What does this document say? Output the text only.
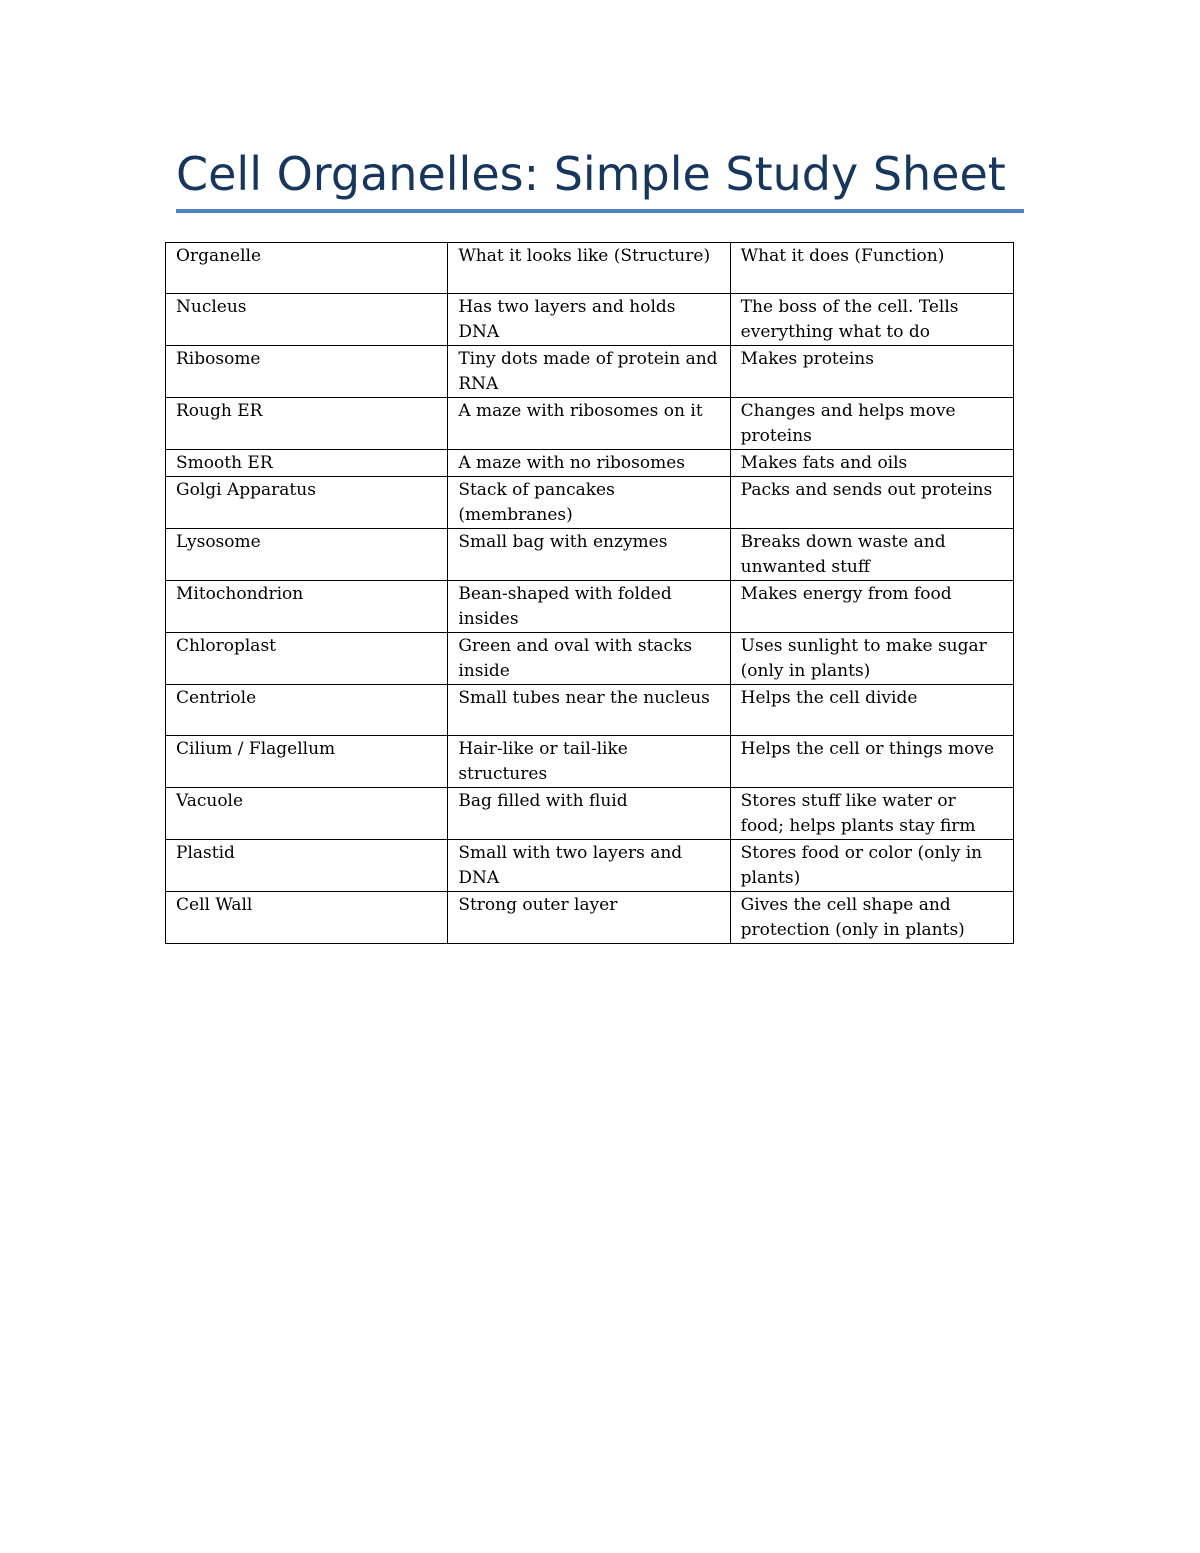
Cell Organelles: Simple Study Sheet
Organelle	What it looks like (Structure)	What it does (Function)
Nucleus	Has two layers and holds DNA	The boss of the cell. Tells everything what to do
Ribosome	Tiny dots made of protein and RNA	Makes proteins
Rough ER	A maze with ribosomes on it	Changes and helps move proteins
Smooth ER	A maze with no ribosomes	Makes fats and oils
Golgi Apparatus	Stack of pancakes (membranes)	Packs and sends out proteins
Lysosome	Small bag with enzymes	Breaks down waste and unwanted stuff
Mitochondrion	Bean-shaped with folded insides	Makes energy from food
Chloroplast	Green and oval with stacks inside	Uses sunlight to make sugar (only in plants)
Centriole	Small tubes near the nucleus	Helps the cell divide
Cilium / Flagellum	Hair-like or tail-like structures	Helps the cell or things move
Vacuole	Bag filled with fluid	Stores stuff like water or food; helps plants stay firm
Plastid	Small with two layers and DNA	Stores food or color (only in plants)
Cell Wall	Strong outer layer	Gives the cell shape and protection (only in plants)
